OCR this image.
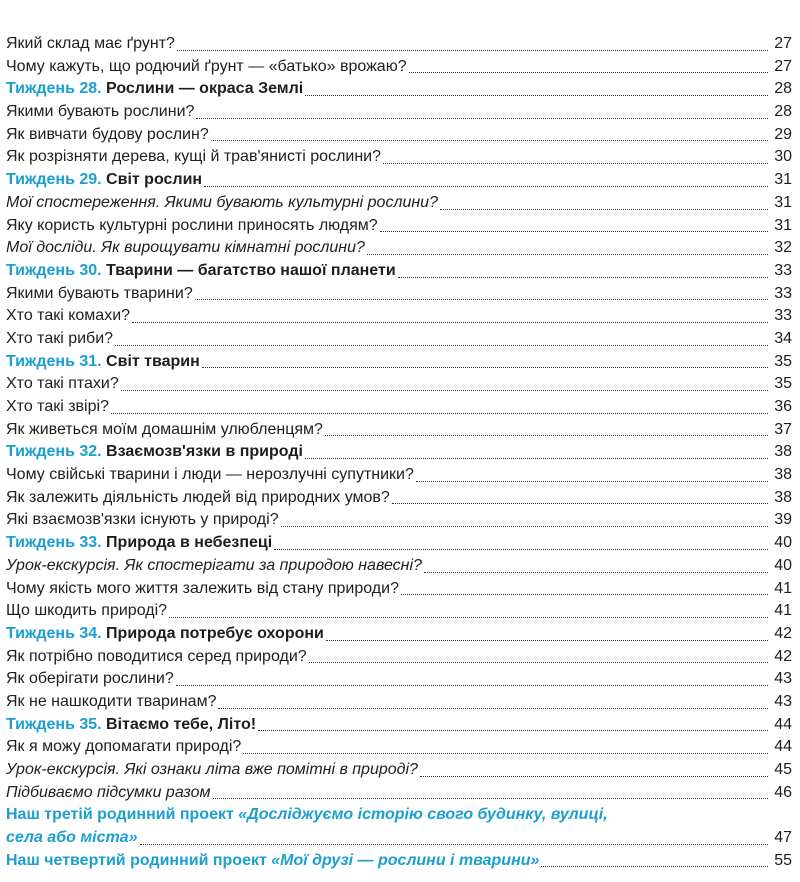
Який склад має ґрунт?	27
Чому кажуть, що родючий ґрунт — «батько» врожаю?	27
Тиждень 28. Рослини — окраса Землі	28
Якими бувають рослини?	28
Як вивчати будову рослин?	29
Як розрізняти дерева, кущі й трав'янисті рослини?	30
Тиждень 29. Світ рослин	31
Мої спостереження. Якими бувають культурні рослини?	31
Яку користь культурні рослини приносять людям?	31
Мої досліди. Як вирощувати кімнатні рослини?	32
Тиждень 30. Тварини — багатство нашої планети	33
Якими бувають тварини?	33
Хто такі комахи?	33
Хто такі риби?	34
Тиждень 31. Світ тварин	35
Хто такі птахи?	35
Хто такі звірі?	36
Як живеться моїм домашнім улюбленцям?	37
Тиждень 32. Взаємозв'язки в природі	38
Чому свійські тварини і люди — нерозлучні супутники?	38
Як залежить діяльність людей від природних умов?	38
Які взаємозв'язки існують у природі?	39
Тиждень 33. Природа в небезпеці	40
Урок-екскурсія. Як спостерігати за природою навесні?	40
Чому якість мого життя залежить від стану природи?	41
Що шкодить природі?	41
Тиждень 34. Природа потребує охорони	42
Як потрібно поводитися серед природи?	42
Як оберігати рослини?	43
Як не нашкодити тваринам?	43
Тиждень 35. Вітаємо тебе, Літо!	44
Як я можу допомагати природі?	44
Урок-екскурсія. Які ознаки літа вже помітні в природі?	45
Підбиваємо підсумки разом	46
Наш третій родинний проект «Досліджуємо історію свого будинку, вулиці,
села або міста»	47
Наш четвертий родинний проект «Мої друзі — рослини і тварини»	55
